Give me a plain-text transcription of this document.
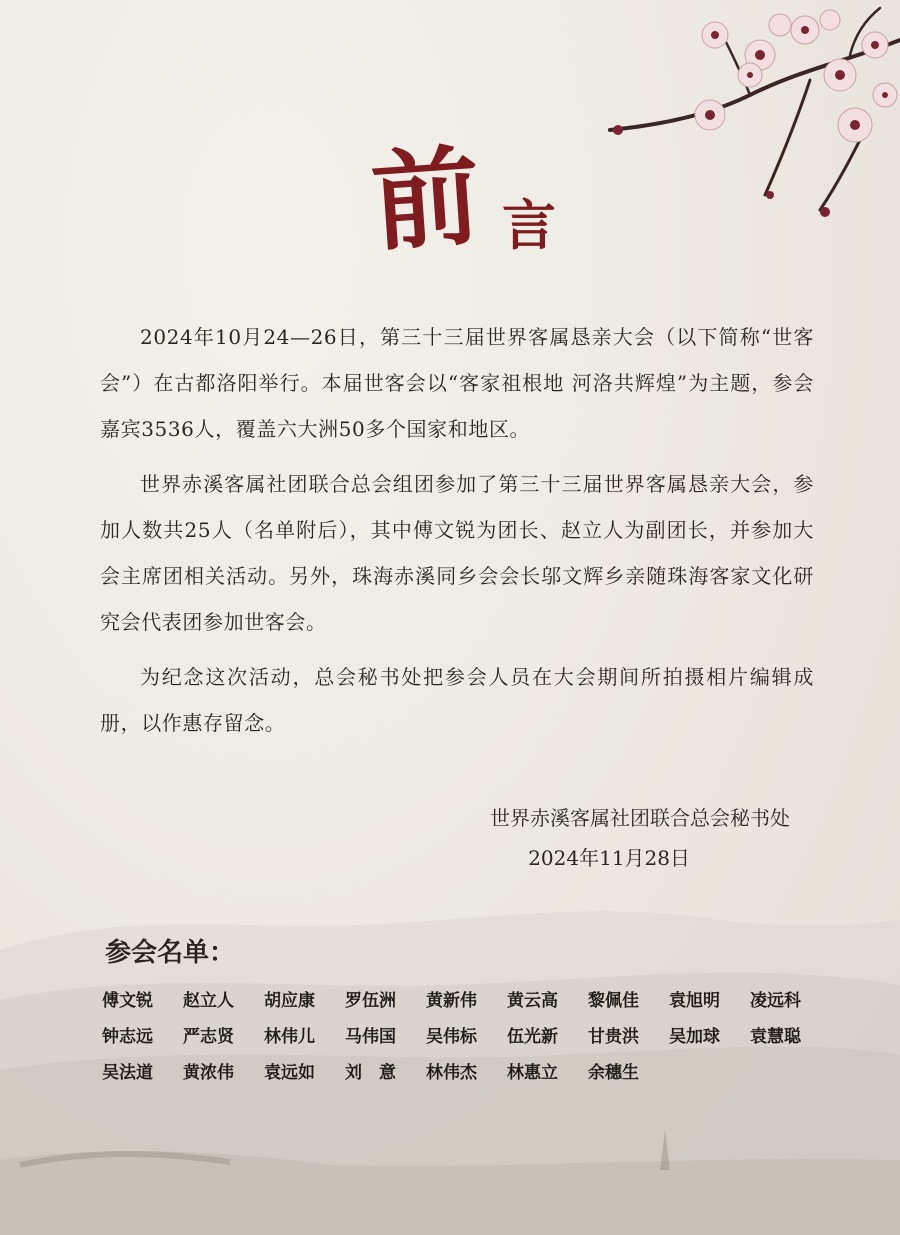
前 言

2024年10月24—26日，第三十三届世界客属恳亲大会（以下简称“世客会”）在古都洛阳举行。本届世客会以“客家祖根地 河洛共辉煌”为主题，参会嘉宾3536人，覆盖六大洲50多个国家和地区。

世界赤溪客属社团联合总会组团参加了第三十三届世界客属恳亲大会，参加人数共25人（名单附后），其中傅文锐为团长、赵立人为副团长，并参加大会主席团相关活动。另外，珠海赤溪同乡会会长邬文辉乡亲随珠海客家文化研究会代表团参加世客会。

为纪念这次活动，总会秘书处把参会人员在大会期间所拍摄相片编辑成册，以作惠存留念。

世界赤溪客属社团联合总会秘书处
2024年11月28日
参会名单：
傅文锐	赵立人	胡应康	罗伍洲	黄新伟	黄云高	黎佩佳	袁旭明	凌远科
钟志远	严志贤	林伟儿	马伟国	吴伟标	伍光新	甘贵洪	吴加球	袁慧聪
吴法道	黄浓伟	袁远如	刘　意	林伟杰	林惠立	余穗生
